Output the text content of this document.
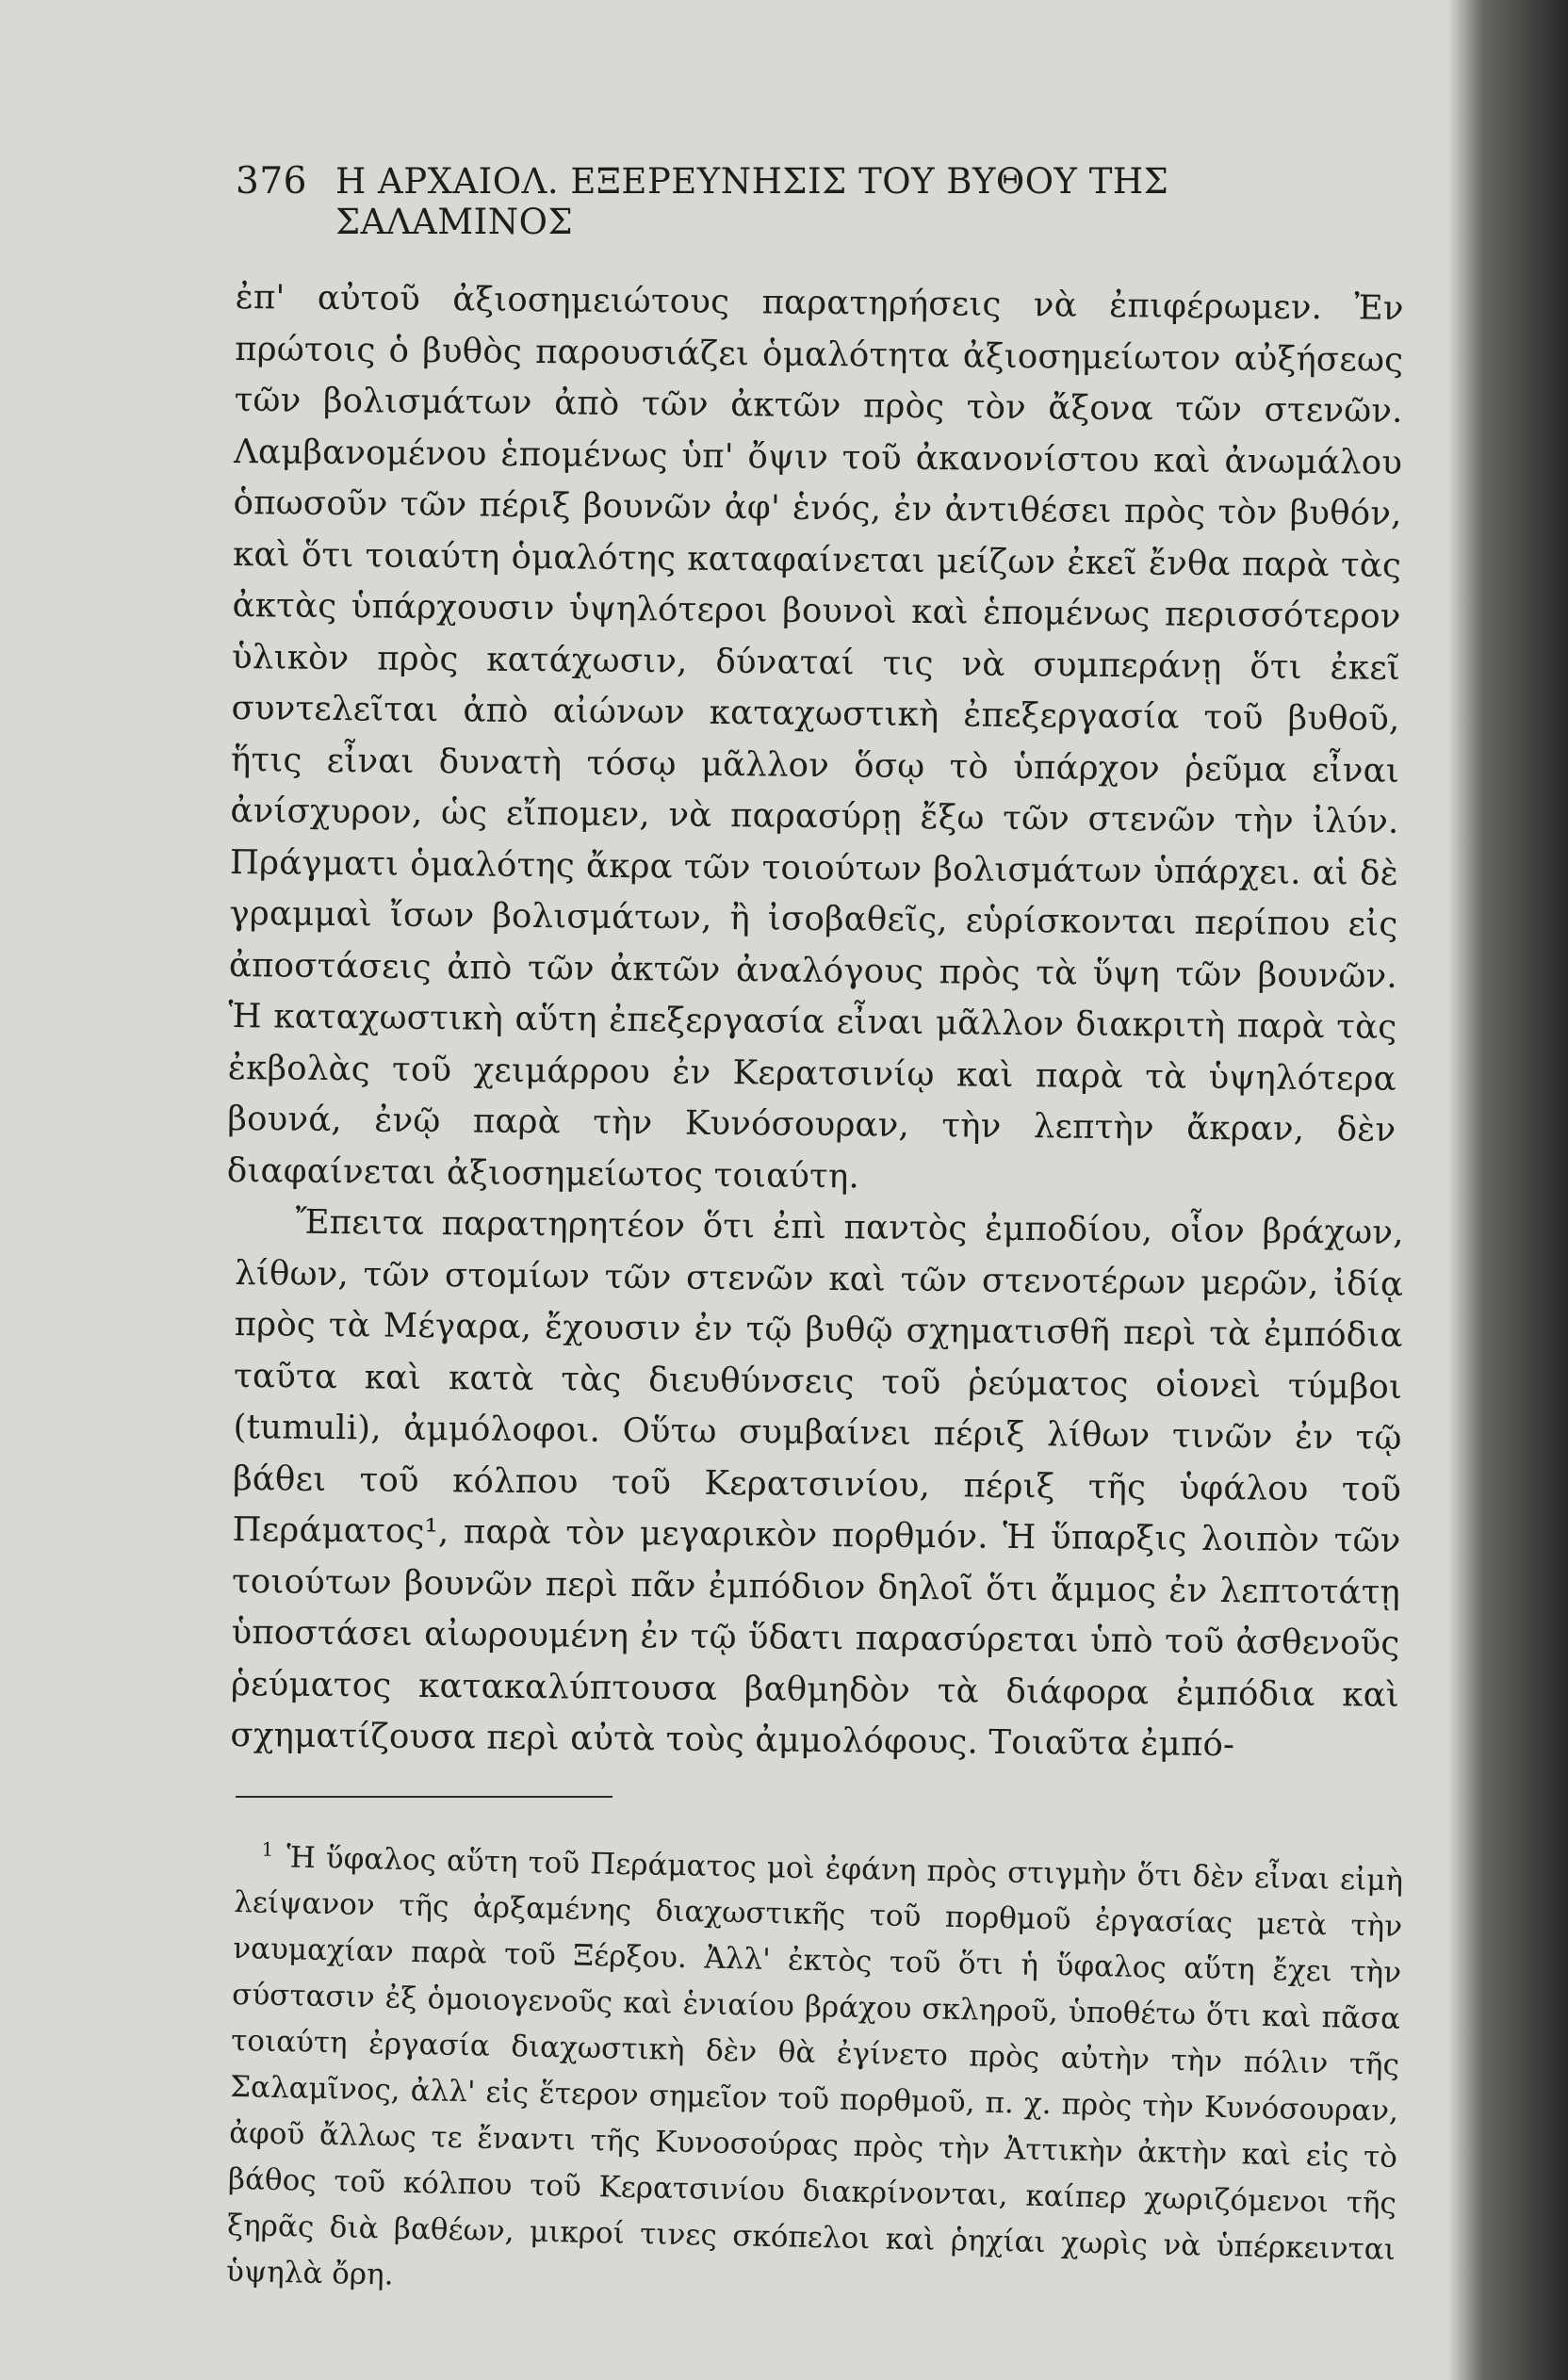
376 Η ΑΡΧΑΙΟΛ. ΕΞΕΡΕΥΝΗΣΙΣ ΤΟΥ ΒΥΘΟΥ ΤΗΣ ΣΑΛΑΜΙΝΟΣ

ἐπ' αὐτοῦ ἀξιοσημειώτους παρατηρήσεις νὰ ἐπιφέρωμεν. Ἐν πρώτοις ὁ βυθὸς παρουσιάζει ὁμαλότητα ἀξιοσημείωτον αὐξήσεως τῶν βολισμάτων ἀπὸ τῶν ἀκτῶν πρὸς τὸν ἄξονα τῶν στενῶν. Λαμβανομένου ἑπομένως ὑπ' ὄψιν τοῦ ἀκανονίστου καὶ ἀνωμάλου ὁπωσοῦν τῶν πέριξ βουνῶν ἀφ' ἑνός, ἐν ἀντιθέσει πρὸς τὸν βυθόν, καὶ ὅτι τοιαύτη ὁμαλότης καταφαίνεται μείζων ἐκεῖ ἔνθα παρὰ τὰς ἀκτὰς ὑπάρχουσιν ὑψηλότεροι βουνοὶ καὶ ἑπομένως περισσότερον ὑλικὸν πρὸς κατάχωσιν, δύναταί τις νὰ συμπεράνῃ ὅτι ἐκεῖ συντελεῖται ἀπὸ αἰώνων καταχωστικὴ ἐπεξεργασία τοῦ βυθοῦ, ἥτις εἶναι δυνατὴ τόσῳ μᾶλλον ὅσῳ τὸ ὑπάρχον ῥεῦμα εἶναι ἀνίσχυρον, ὡς εἴπομεν, νὰ παρασύρῃ ἔξω τῶν στενῶν τὴν ἰλύν. Πράγματι ὁμαλότης ἄκρα τῶν τοιούτων βολισμάτων ὑπάρχει. αἱ δὲ γραμμαὶ ἴσων βολισμάτων, ἢ ἰσοβαθεῖς, εὑρίσκονται περίπου εἰς ἀποστάσεις ἀπὸ τῶν ἀκτῶν ἀναλόγους πρὸς τὰ ὕψη τῶν βουνῶν. Ἡ καταχωστικὴ αὕτη ἐπεξεργασία εἶναι μᾶλλον διακριτὴ παρὰ τὰς ἐκβολὰς τοῦ χειμάρρου ἐν Κερατσινίῳ καὶ παρὰ τὰ ὑψηλότερα βουνά, ἐνῷ παρὰ τὴν Κυνόσουραν, τὴν λεπτὴν ἄκραν, δὲν διαφαίνεται ἀξιοσημείωτος τοιαύτη.

Ἔπειτα παρατηρητέον ὅτι ἐπὶ παντὸς ἐμποδίου, οἷον βράχων, λίθων, τῶν στομίων τῶν στενῶν καὶ τῶν στενοτέρων μερῶν, ἰδίᾳ πρὸς τὰ Μέγαρα, ἔχουσιν ἐν τῷ βυθῷ σχηματισθῆ περὶ τὰ ἐμπόδια ταῦτα καὶ κατὰ τὰς διευθύνσεις τοῦ ῥεύματος οἱονεὶ τύμβοι (tumuli), ἀμμόλοφοι. Οὕτω συμβαίνει πέριξ λίθων τινῶν ἐν τῷ βάθει τοῦ κόλπου τοῦ Κερατσινίου, πέριξ τῆς ὑφάλου τοῦ Περάματος¹, παρὰ τὸν μεγαρικὸν πορθμόν. Ἡ ὕπαρξις λοιπὸν τῶν τοιούτων βουνῶν περὶ πᾶν ἐμπόδιον δηλοῖ ὅτι ἄμμος ἐν λεπτοτάτῃ ὑποστάσει αἰωρουμένη ἐν τῷ ὕδατι παρασύρεται ὑπὸ τοῦ ἀσθενοῦς ῥεύματος κατακαλύπτουσα βαθμηδὸν τὰ διάφορα ἐμπόδια καὶ σχηματίζουσα περὶ αὐτὰ τοὺς ἀμμολόφους. Τοιαῦτα ἐμπό-

$^1$ Ἡ ὕφαλος αὕτη τοῦ Περάματος μοὶ ἐφάνη πρὸς στιγμὴν ὅτι δὲν εἶναι εἰμὴ λείψανον τῆς ἀρξαμένης διαχωστικῆς τοῦ πορθμοῦ ἐργασίας μετὰ τὴν ναυμαχίαν παρὰ τοῦ Ξέρξου. Ἀλλ' ἐκτὸς τοῦ ὅτι ἡ ὕφαλος αὕτη ἔχει τὴν σύστασιν ἐξ ὁμοιογενοῦς καὶ ἑνιαίου βράχου σκληροῦ, ὑποθέτω ὅτι καὶ πᾶσα τοιαύτη ἐργασία διαχωστικὴ δὲν θὰ ἐγίνετο πρὸς αὐτὴν τὴν πόλιν τῆς Σαλαμῖνος, ἀλλ' εἰς ἕτερον σημεῖον τοῦ πορθμοῦ, π. χ. πρὸς τὴν Κυνόσουραν, ἀφοῦ ἄλλως τε ἔναντι τῆς Κυνοσούρας πρὸς τὴν Ἀττικὴν ἀκτὴν καὶ εἰς τὸ βάθος τοῦ κόλπου τοῦ Κερατσινίου διακρίνονται, καίπερ χωριζόμενοι τῆς ξηρᾶς διὰ βαθέων, μικροί τινες σκόπελοι καὶ ῥηχίαι χωρὶς νὰ ὑπέρκεινται ὑψηλὰ ὄρη.
